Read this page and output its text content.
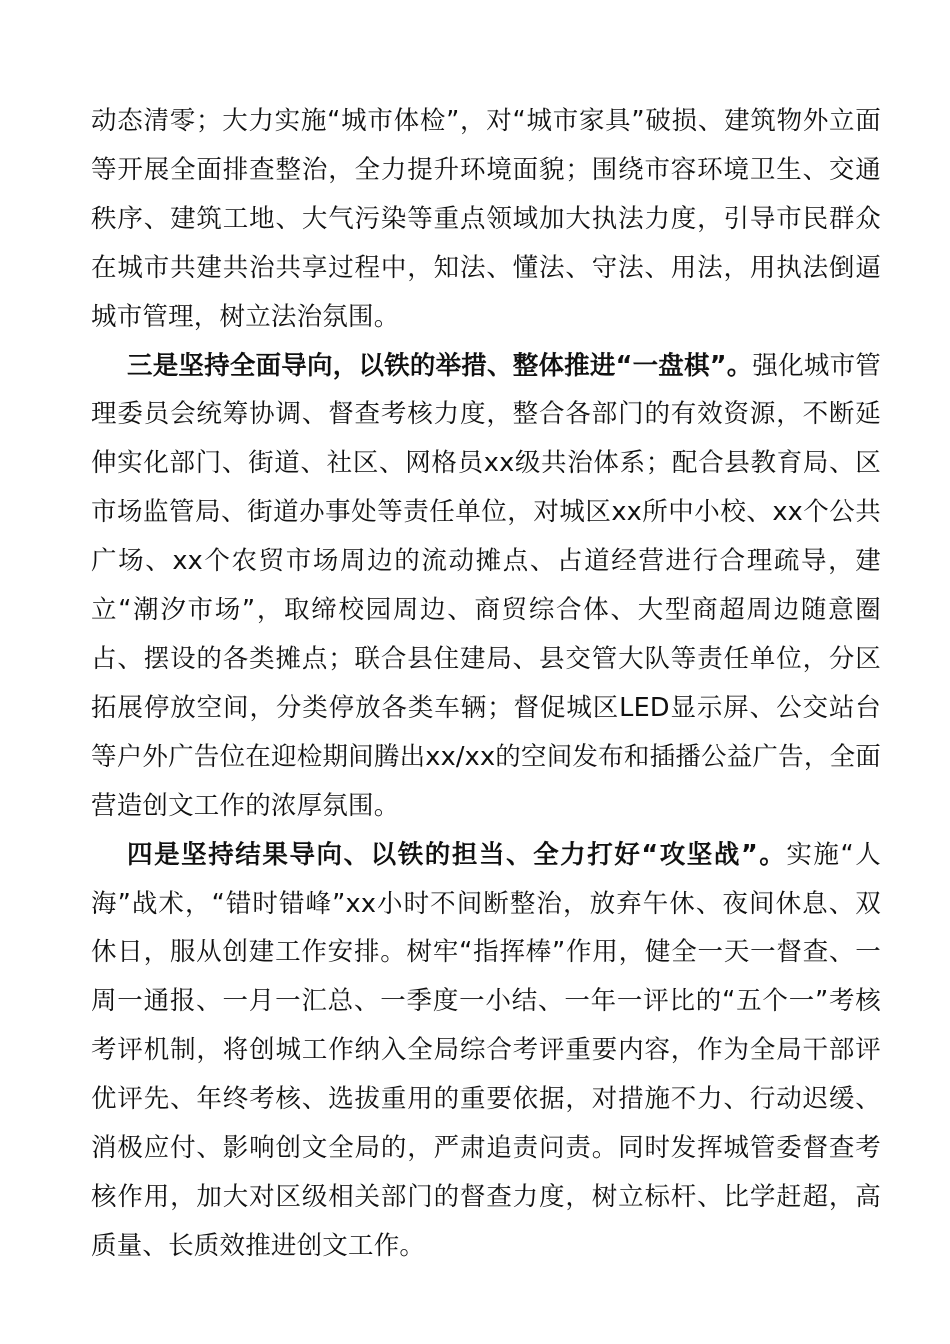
动态清零；大力实施“城市体检”，对“城市家具”破损、建筑物外立面等开展全面排查整治，全力提升环境面貌；围绕市容环境卫生、交通秩序、建筑工地、大气污染等重点领域加大执法力度，引导市民群众在城市共建共治共享过程中，知法、懂法、守法、用法，用执法倒逼城市管理，树立法治氛围。

三是坚持全面导向，以铁的举措、整体推进“一盘棋”。强化城市管理委员会统筹协调、督查考核力度，整合各部门的有效资源，不断延伸实化部门、街道、社区、网格员xx级共治体系；配合县教育局、区市场监管局、街道办事处等责任单位，对城区xx所中小校、xx个公共广场、xx个农贸市场周边的流动摊点、占道经营进行合理疏导，建立“潮汐市场”，取缔校园周边、商贸综合体、大型商超周边随意圈占、摆设的各类摊点；联合县住建局、县交管大队等责任单位，分区拓展停放空间，分类停放各类车辆；督促城区LED显示屏、公交站台等户外广告位在迎检期间腾出xx/xx的空间发布和插播公益广告，全面营造创文工作的浓厚氛围。

四是坚持结果导向、以铁的担当、全力打好“攻坚战”。实施“人海”战术，“错时错峰”xx小时不间断整治，放弃午休、夜间休息、双休日，服从创建工作安排。树牢“指挥棒”作用，健全一天一督查、一周一通报、一月一汇总、一季度一小结、一年一评比的“五个一”考核考评机制，将创城工作纳入全局综合考评重要内容，作为全局干部评优评先、年终考核、选拔重用的重要依据，对措施不力、行动迟缓、消极应付、影响创文全局的，严肃追责问责。同时发挥城管委督查考核作用，加大对区级相关部门的督查力度，树立标杆、比学赶超，高质量、长质效推进创文工作。
